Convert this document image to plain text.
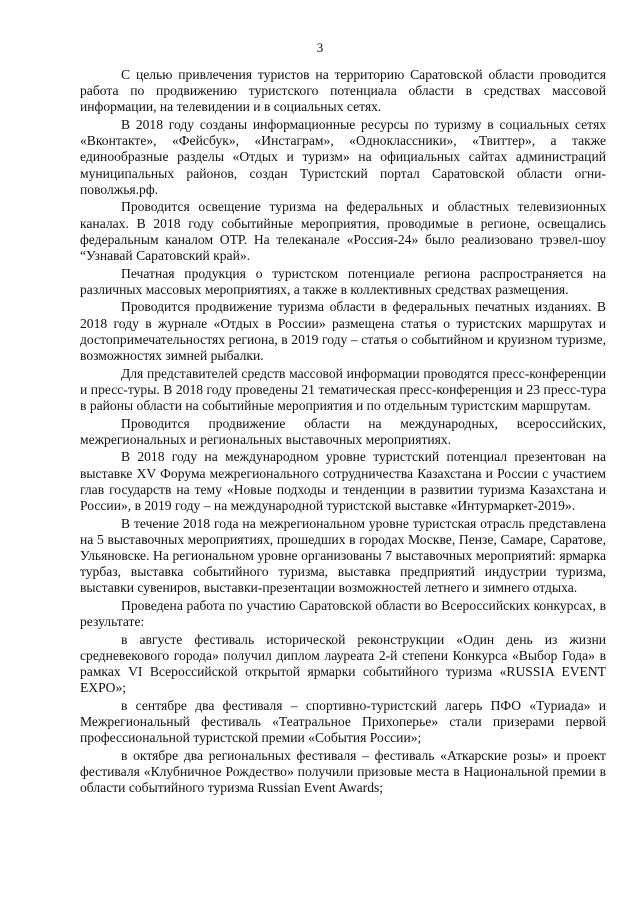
3

С целью привлечения туристов на территорию Саратовской области проводится работа по продвижению туристского потенциала области в средствах массовой информации, на телевидении и в социальных сетях.

В 2018 году созданы информационные ресурсы по туризму в социальных сетях «Вконтакте», «Фейсбук», «Инстаграм», «Одноклассники», «Твиттер», а также единообразные разделы «Отдых и туризм» на официальных сайтах администраций муниципальных районов, создан Туристский портал Саратовской области огни-поволжья.рф.

Проводится освещение туризма на федеральных и областных телевизионных каналах. В 2018 году событийные мероприятия, проводимые в регионе, освещались федеральным каналом ОТР. На телеканале «Россия-24» было реализовано трэвел-шоу “Узнавай Саратовский край».

Печатная продукция о туристском потенциале региона распространяется на различных массовых мероприятиях, а также в коллективных средствах размещения.

Проводится продвижение туризма области в федеральных печатных изданиях. В 2018 году в журнале «Отдых в России» размещена статья о туристских маршрутах и достопримечательностях региона, в 2019 году – статья о событийном и круизном туризме, возможностях зимней рыбалки.

Для представителей средств массовой информации проводятся пресс-конференции и пресс-туры. В 2018 году проведены 21 тематическая пресс-конференция и 23 пресс-тура в районы области на событийные мероприятия и по отдельным туристским маршрутам.

Проводится продвижение области на международных, всероссийских, межрегиональных и региональных выставочных мероприятиях.

В 2018 году на международном уровне туристский потенциал презентован на выставке XV Форума межрегионального сотрудничества Казахстана и России с участием глав государств на тему «Новые подходы и тенденции в развитии туризма Казахстана и России», в 2019 году – на международной туристской выставке «Интурмаркет-2019».

В течение 2018 года на межрегиональном уровне туристская отрасль представлена на 5 выставочных мероприятиях, прошедших в городах Москве, Пензе, Самаре, Саратове, Ульяновске. На региональном уровне организованы 7 выставочных мероприятий: ярмарка турбаз, выставка событийного туризма, выставка предприятий индустрии туризма, выставки сувениров, выставки-презентации возможностей летнего и зимнего отдыха.

Проведена работа по участию Саратовской области во Всероссийских конкурсах, в результате:

в августе фестиваль исторической реконструкции «Один день из жизни средневекового города» получил диплом лауреата 2-й степени Конкурса «Выбор Года» в рамках VI Всероссийской открытой ярмарки событийного туризма «RUSSIA EVENT EXPO»;

в сентябре два фестиваля – спортивно-туристский лагерь ПФО «Туриада» и Межрегиональный фестиваль «Театральное Прихоперье» стали призерами первой профессиональной туристской премии «События России»;

в октябре два региональных фестиваля – фестиваль «Аткарские розы» и проект фестиваля «Клубничное Рождество» получили призовые места в Национальной премии в области событийного туризма Russian Event Awards;
